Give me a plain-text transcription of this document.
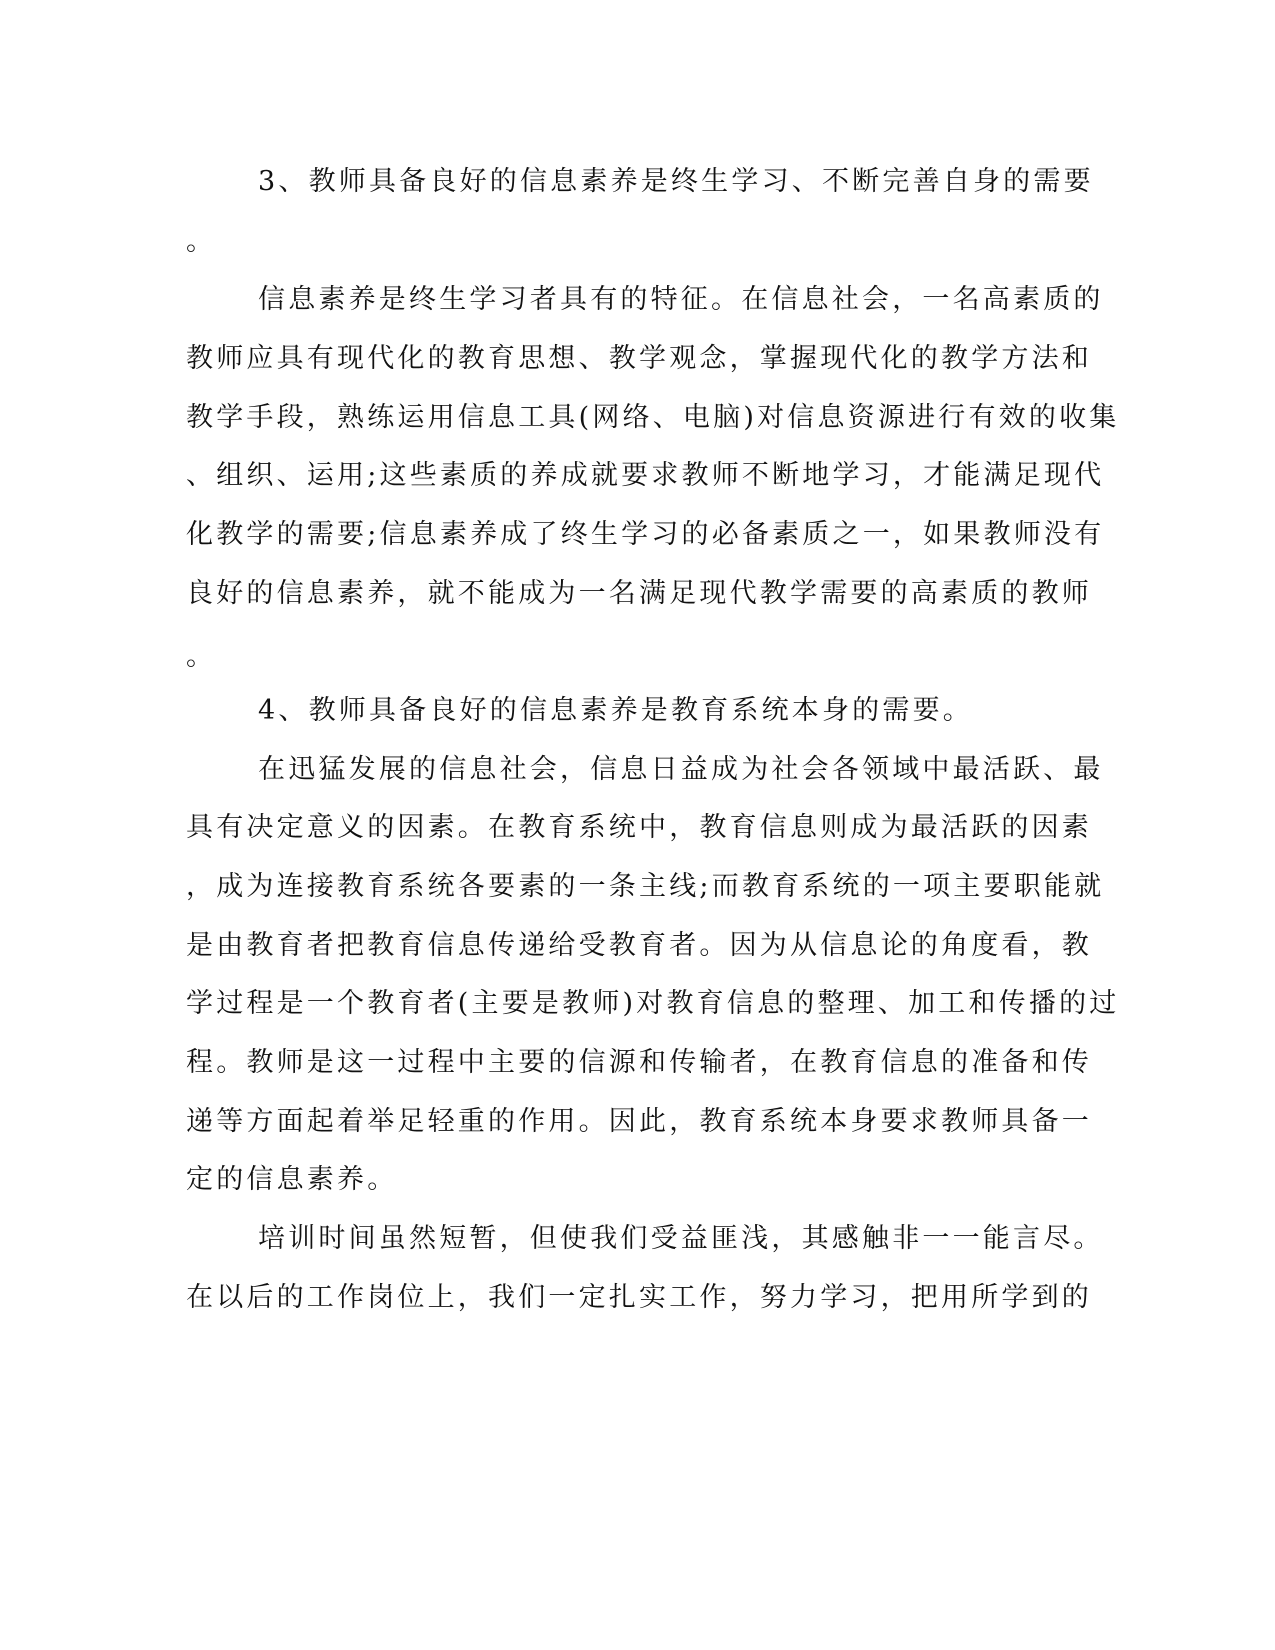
3、教师具备良好的信息素养是终生学习、不断完善自身的需要
。
信息素养是终生学习者具有的特征。在信息社会，一名高素质的
教师应具有现代化的教育思想、教学观念，掌握现代化的教学方法和
教学手段，熟练运用信息工具(网络、电脑)对信息资源进行有效的收集
、组织、运用;这些素质的养成就要求教师不断地学习，才能满足现代
化教学的需要;信息素养成了终生学习的必备素质之一，如果教师没有
良好的信息素养，就不能成为一名满足现代教学需要的高素质的教师
。
4、教师具备良好的信息素养是教育系统本身的需要。
在迅猛发展的信息社会，信息日益成为社会各领域中最活跃、最
具有决定意义的因素。在教育系统中，教育信息则成为最活跃的因素
，成为连接教育系统各要素的一条主线;而教育系统的一项主要职能就
是由教育者把教育信息传递给受教育者。因为从信息论的角度看，教
学过程是一个教育者(主要是教师)对教育信息的整理、加工和传播的过
程。教师是这一过程中主要的信源和传输者，在教育信息的准备和传
递等方面起着举足轻重的作用。因此，教育系统本身要求教师具备一
定的信息素养。
培训时间虽然短暂，但使我们受益匪浅，其感触非一一能言尽。
在以后的工作岗位上，我们一定扎实工作，努力学习，把用所学到的
